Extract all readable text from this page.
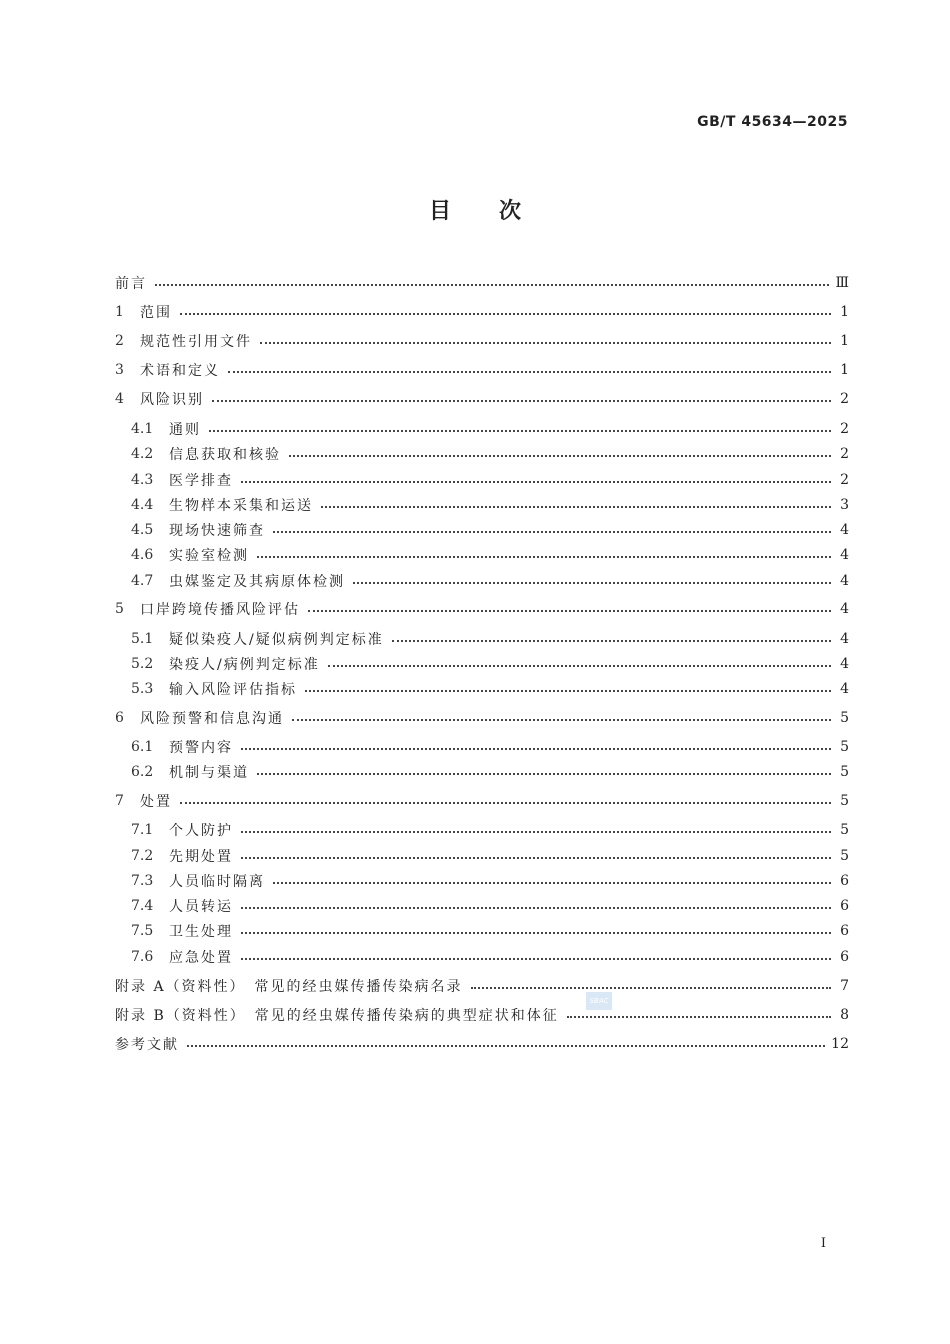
GB/T 45634—2025
目次
前言	Ⅲ
1	范围	1
2	规范性引用文件	1
3	术语和定义	1
4	风险识别	2
4.1	通则	2
4.2	信息获取和核验	2
4.3	医学排查	2
4.4	生物样本采集和运送	3
4.5	现场快速筛查	4
4.6	实验室检测	4
4.7	虫媒鉴定及其病原体检测	4
5	口岸跨境传播风险评估	4
5.1	疑似染疫人/疑似病例判定标准	4
5.2	染疫人/病例判定标准	4
5.3	输入风险评估指标	4
6	风险预警和信息沟通	5
6.1	预警内容	5
6.2	机制与渠道	5
7	处置	5
7.1	个人防护	5
7.2	先期处置	5
7.3	人员临时隔离	6
7.4	人员转运	6
7.5	卫生处理	6
7.6	应急处置	6
附录 A（资料性）　常见的经虫媒传播传染病名录	7
附录 B（资料性）　常见的经虫媒传播传染病的典型症状和体征	8
参考文献	12
SBAC
I
